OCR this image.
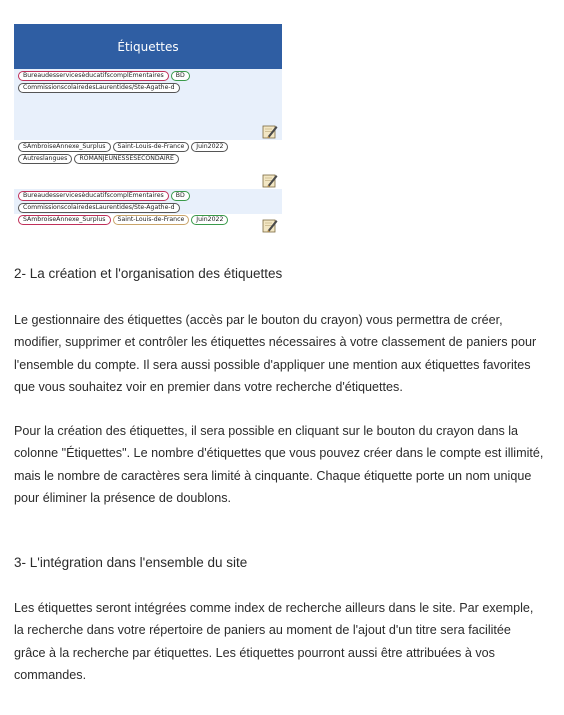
Étiquettes
BureaudesservicesèducatifscomplÉmentaires	BD
CommissionscolairedesLaurentides/Ste-Agathe-d
SAmbroiseAnnexe_Surplus	Saint-Louis-de-France	Juin2022
Autreslangues	ROMANJEUNESSESECONDAIRE
BureaudesservicesèducatifscomplÉmentaires	BD
CommissionscolairedesLaurentides/Ste-Agathe-d
SAmbroiseAnnexe_Surplus	Saint-Louis-de-France	Juin2022
2- La création et l'organisation des étiquettes

Le gestionnaire des étiquettes (accès par le bouton du crayon) vous permettra de créer, modifier, supprimer et contrôler les étiquettes nécessaires à votre classement de paniers pour l'ensemble du compte. Il sera aussi possible d'appliquer une mention aux étiquettes favorites que vous souhaitez voir en premier dans votre recherche d'étiquettes.

Pour la création des étiquettes, il sera possible en cliquant sur le bouton du crayon dans la colonne "Étiquettes". Le nombre d'étiquettes que vous pouvez créer dans le compte est illimité, mais le nombre de caractères sera limité à cinquante. Chaque étiquette porte un nom unique pour éliminer la présence de doublons.

3- L'intégration dans l'ensemble du site

Les étiquettes seront intégrées comme index de recherche ailleurs dans le site. Par exemple, la recherche dans votre répertoire de paniers au moment de l'ajout d'un titre sera facilitée grâce à la recherche par étiquettes. Les étiquettes pourront aussi être attribuées à vos commandes.
